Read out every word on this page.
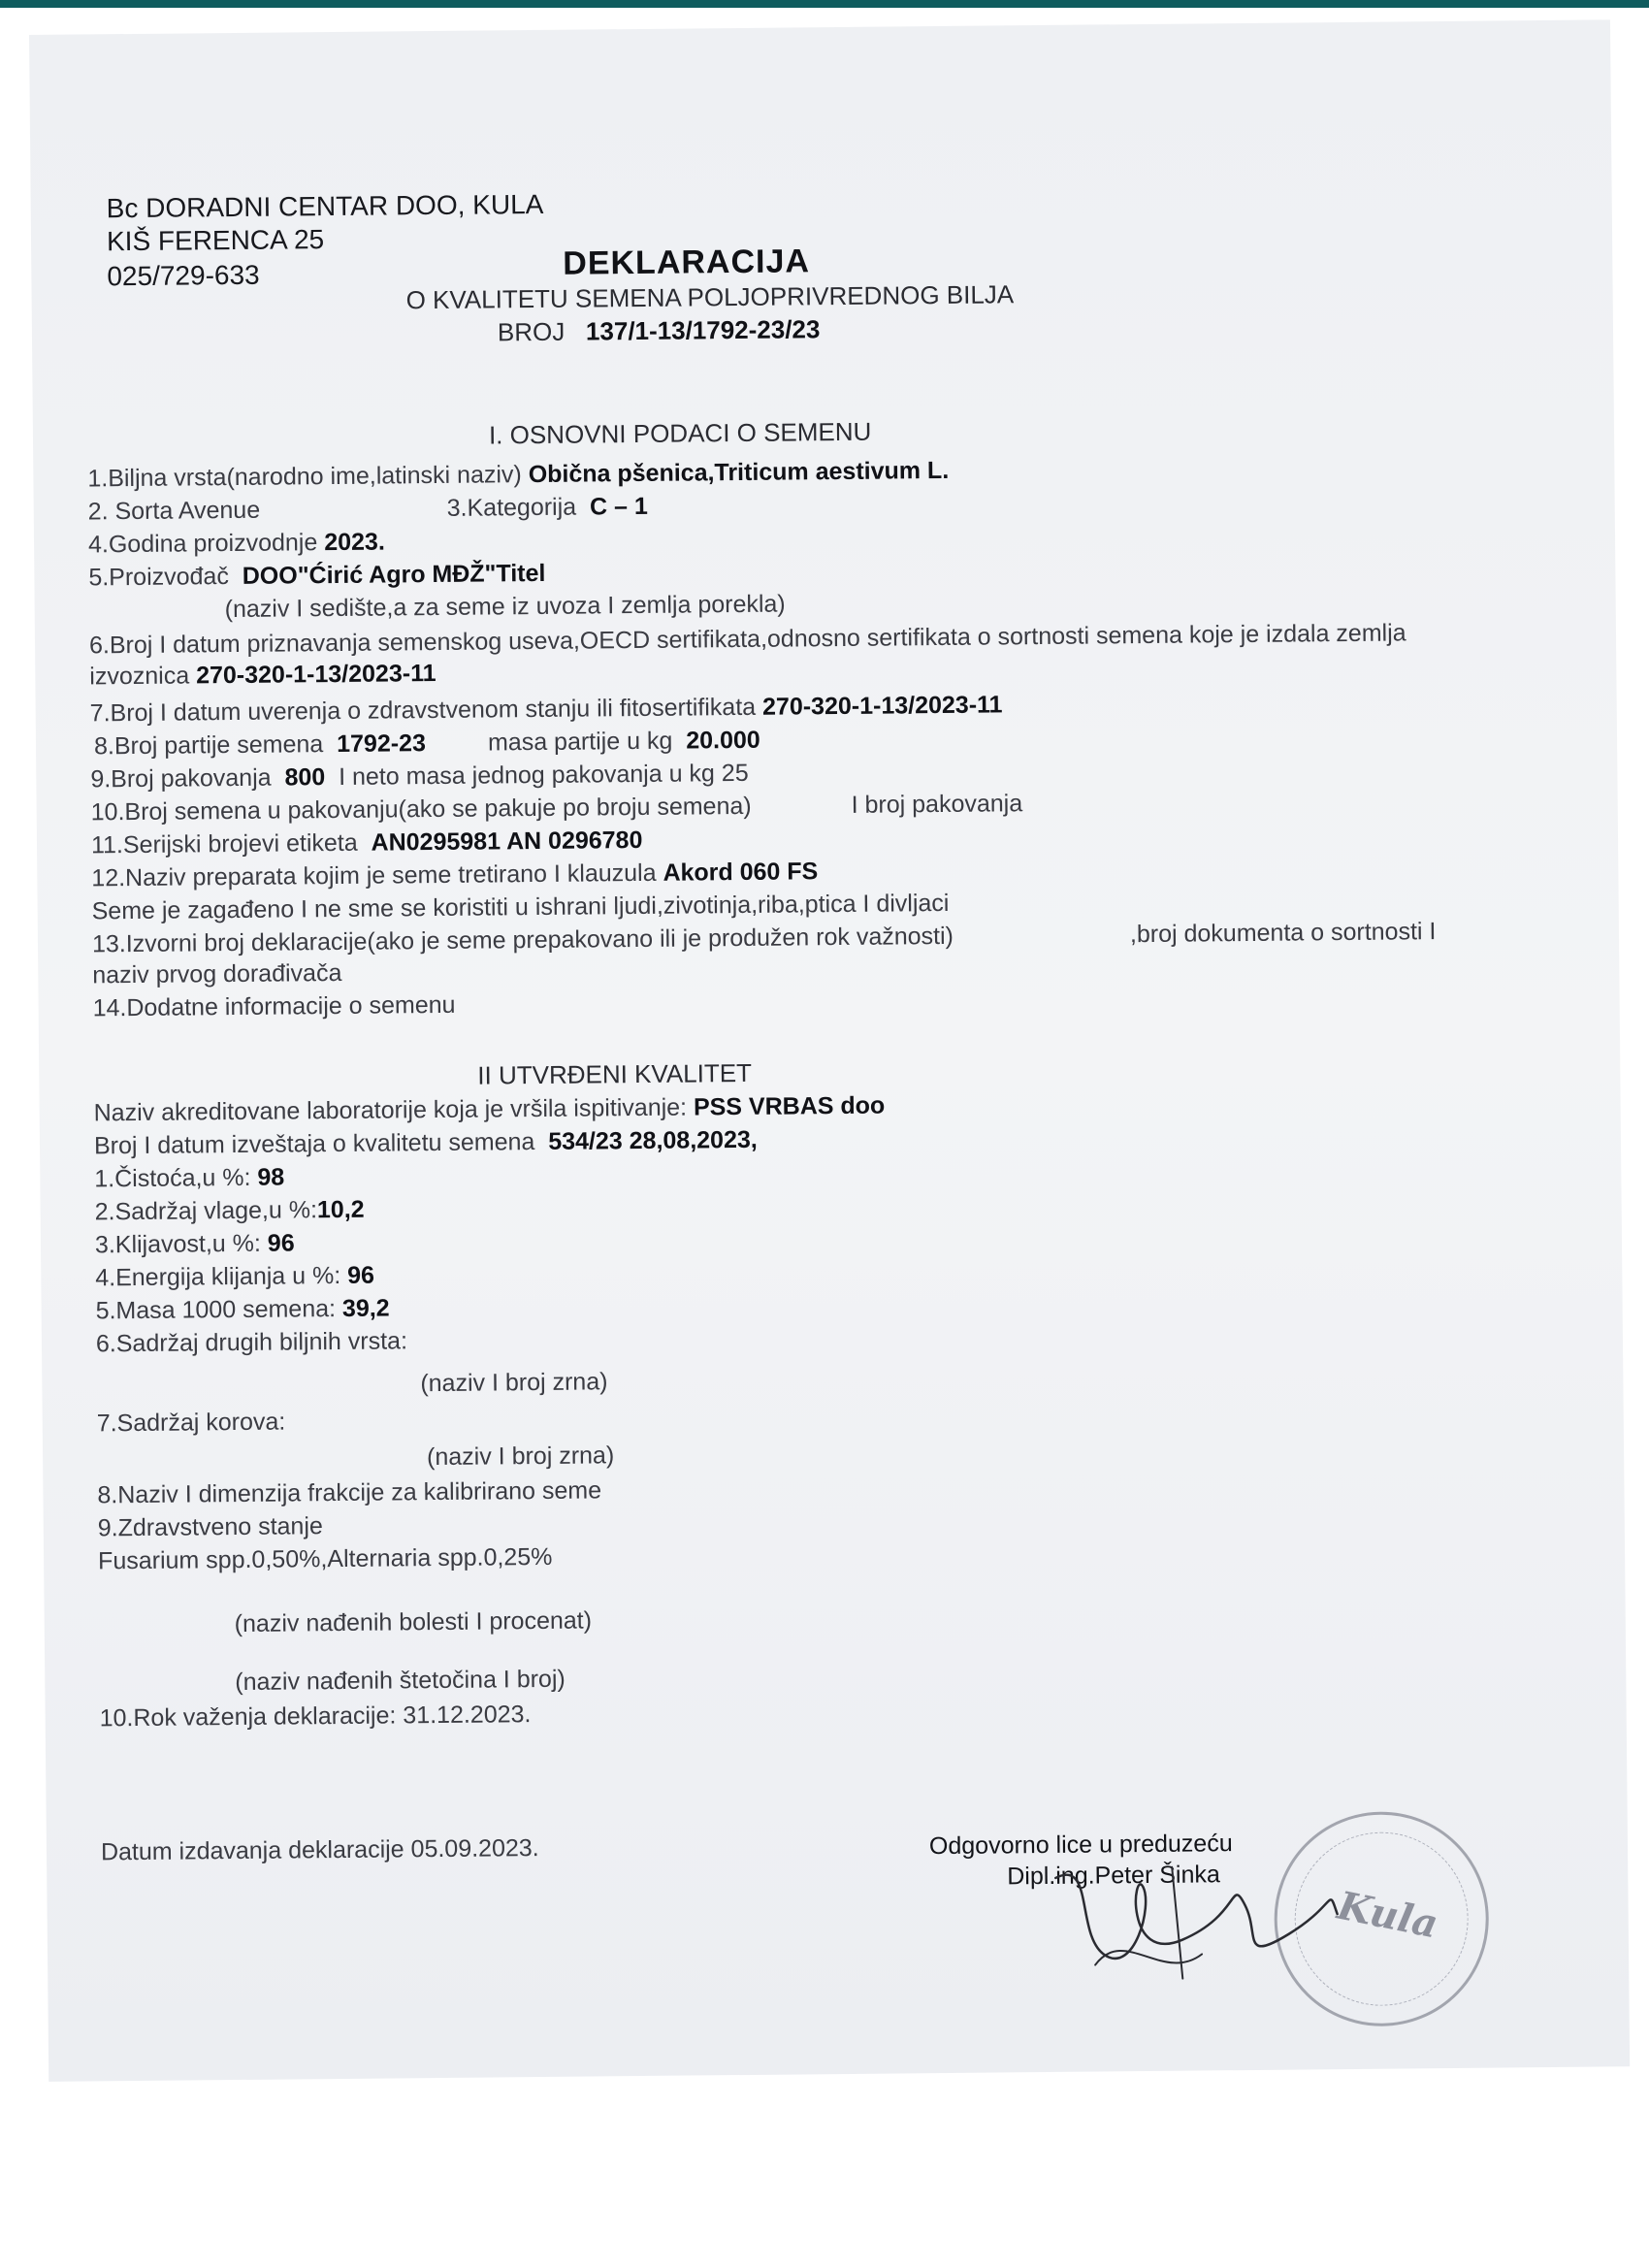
Bc DORADNI CENTAR DOO, KULA
KIŠ FERENCA 25
025/729-633	DEKLARACIJA
O KVALITETU SEMENA POLJOPRIVREDNOG BILJA
BROJ 137/1-13/1792-23/23
I. OSNOVNI PODACI O SEMENU
1.Biljna vrsta(narodno ime,latinski naziv) Obična pšenica,Triticum aestivum L.
2. Sorta Avenue	3.Kategorija C – 1
4.Godina proizvodnje 2023.
5.Proizvođač DOO"Ćirić Agro MĐŽ"Titel
(naziv I sedište,a za seme iz uvoza I zemlja porekla)
6.Broj I datum priznavanja semenskog useva,OECD sertifikata,odnosno sertifikata o sortnosti semena koje je izdala zemlja
izvoznica 270-320-1-13/2023-11
7.Broj I datum uverenja o zdravstvenom stanju ili fitosertifikata 270-320-1-13/2023-11
8.Broj partije semena 1792-23	masa partije u kg 20.000
9.Broj pakovanja 800 I neto masa jednog pakovanja u kg 25
10.Broj semena u pakovanju(ako se pakuje po broju semena)	I broj pakovanja
11.Serijski brojevi etiketa AN0295981 AN 0296780
12.Naziv preparata kojim je seme tretirano I klauzula Akord 060 FS
Seme je zagađeno I ne sme se koristiti u ishrani ljudi,zivotinja,riba,ptica I divljaci
13.Izvorni broj deklaracije(ako je seme prepakovano ili je produžen rok važnosti)	,broj dokumenta o sortnosti I
naziv prvog dorađivača
14.Dodatne informacije o semenu
II UTVRĐENI KVALITET
Naziv akreditovane laboratorije koja je vršila ispitivanje: PSS VRBAS doo
Broj I datum izveštaja o kvalitetu semena 534/23 28,08,2023,
1.Čistoća,u %: 98
2.Sadržaj vlage,u %:10,2
3.Klijavost,u %: 96
4.Energija klijanja u %: 96
5.Masa 1000 semena: 39,2
6.Sadržaj drugih biljnih vrsta:
(naziv I broj zrna)
7.Sadržaj korova:
(naziv I broj zrna)
8.Naziv I dimenzija frakcije za kalibrirano seme
9.Zdravstveno stanje
Fusarium spp.0,50%,Alternaria spp.0,25%
(naziv nađenih bolesti I procenat)
(naziv nađenih štetočina I broj)
10.Rok važenja deklaracije: 31.12.2023.
Datum izdavanja deklaracije 05.09.2023.	Odgovorno lice u preduzeću
Dipl.ing.Peter Šinka
Kula
